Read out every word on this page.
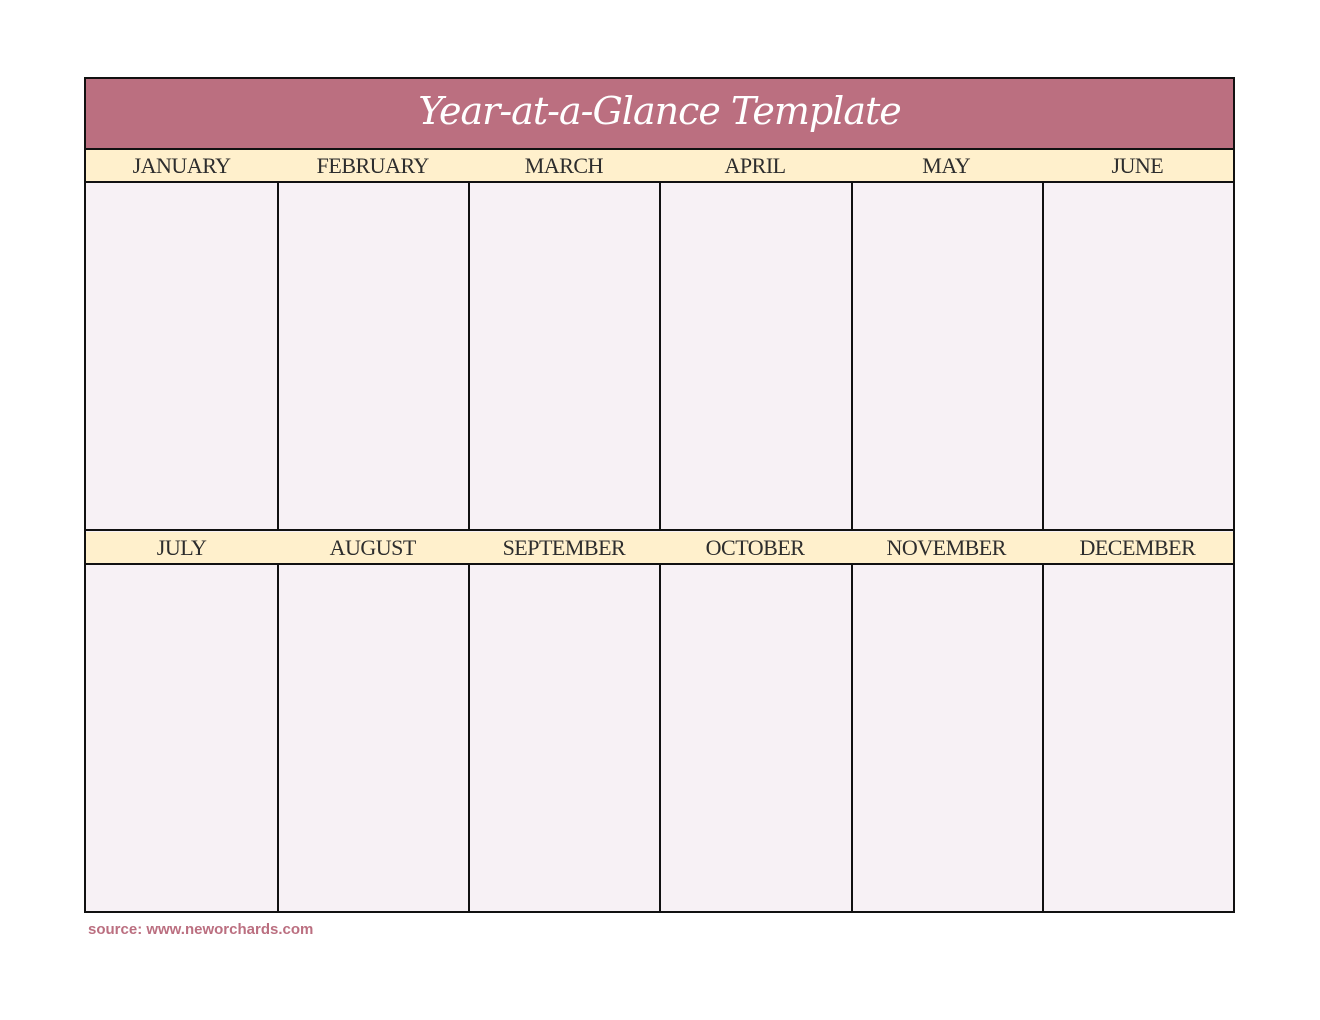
Year-at-a-Glance Template
JANUARY	FEBRUARY	MARCH	APRIL	MAY	JUNE
JULY	AUGUST	SEPTEMBER	OCTOBER	NOVEMBER	DECEMBER
source: www.neworchards.com
